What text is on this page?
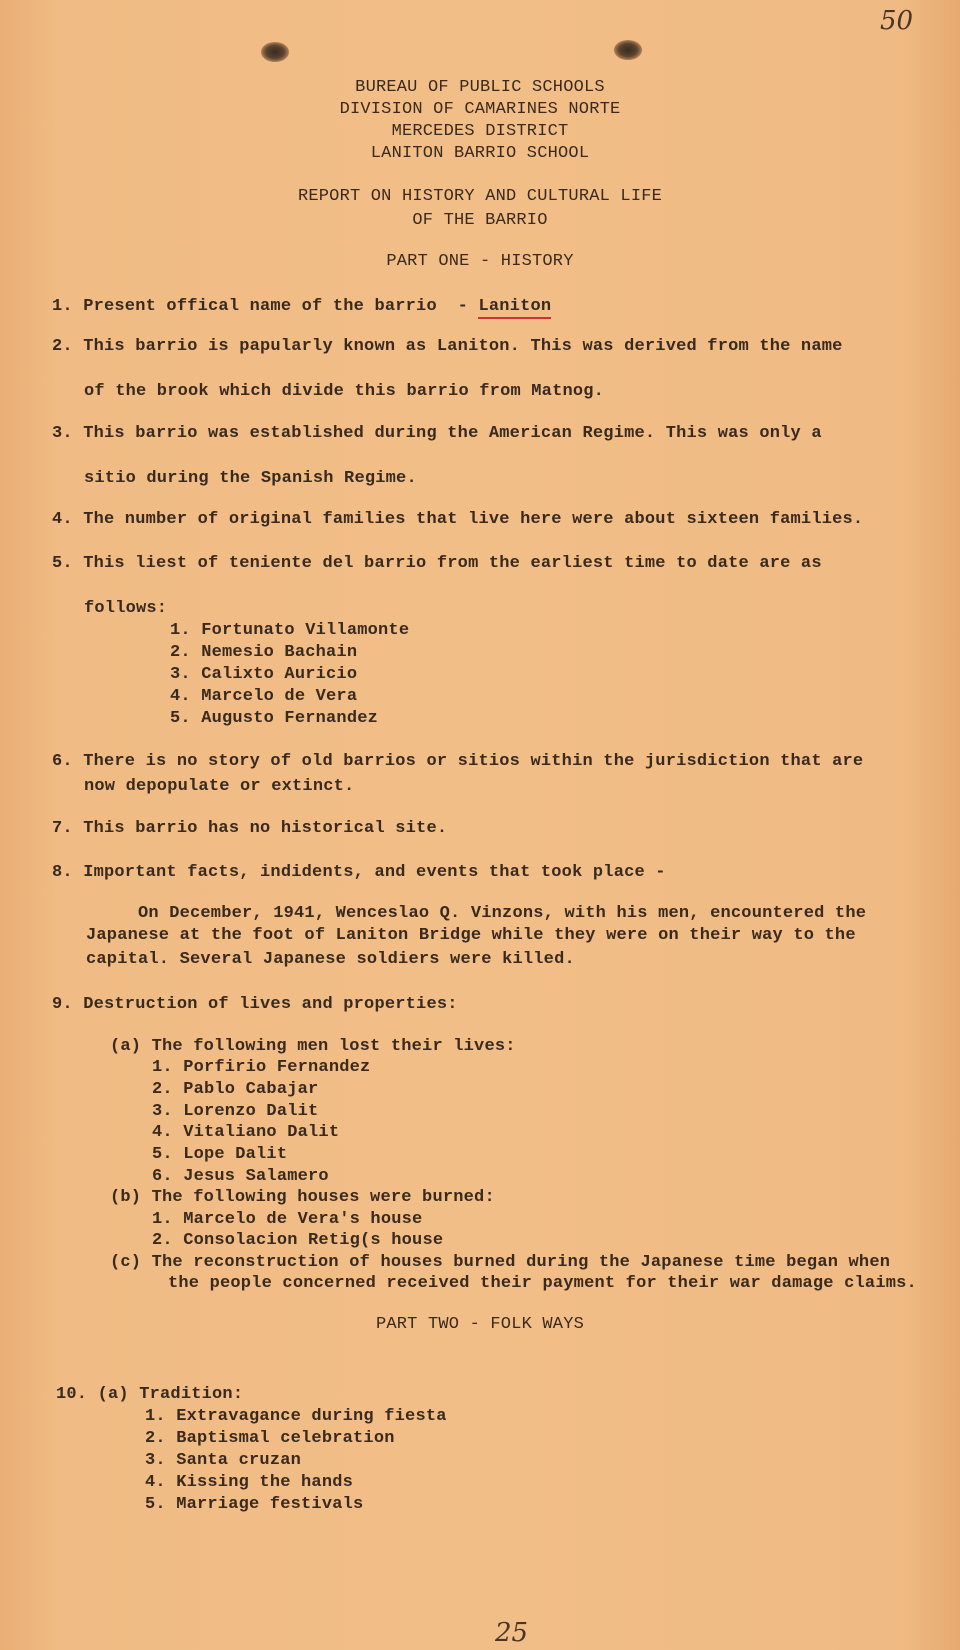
50
BUREAU OF PUBLIC SCHOOLS
DIVISION OF CAMARINES NORTE
MERCEDES DISTRICT
LANITON BARRIO SCHOOL
REPORT ON HISTORY AND CULTURAL LIFE
OF THE BARRIO
PART ONE - HISTORY
1. Present offical name of the barrio  - Laniton
2. This barrio is papularly known as Laniton. This was derived from the name
of the brook which divide this barrio from Matnog.
3. This barrio was established during the American Regime. This was only a
sitio during the Spanish Regime.
4. The number of original families that live here were about sixteen families.
5. This liest of teniente del barrio from the earliest time to date are as
follows:
1. Fortunato Villamonte
2. Nemesio Bachain
3. Calixto Auricio
4. Marcelo de Vera
5. Augusto Fernandez
6. There is no story of old barrios or sitios within the jurisdiction that are
now depopulate or extinct.
7. This barrio has no historical site.
8. Important facts, indidents, and events that took place -
On December, 1941, Wenceslao Q. Vinzons, with his men, encountered the
Japanese at the foot of Laniton Bridge while they were on their way to the
capital. Several Japanese soldiers were killed.
9. Destruction of lives and properties:
(a) The following men lost their lives:
1. Porfirio Fernandez
2. Pablo Cabajar
3. Lorenzo Dalit
4. Vitaliano Dalit
5. Lope Dalit
6. Jesus Salamero
(b) The following houses were burned:
1. Marcelo de Vera's house
2. Consolacion Retig(s house
(c) The reconstruction of houses burned during the Japanese time began when
the people concerned received their payment for their war damage claims.
PART TWO - FOLK WAYS
10. (a) Tradition:
1. Extravagance during fiesta
2. Baptismal celebration
3. Santa cruzan
4. Kissing the hands
5. Marriage festivals
25
